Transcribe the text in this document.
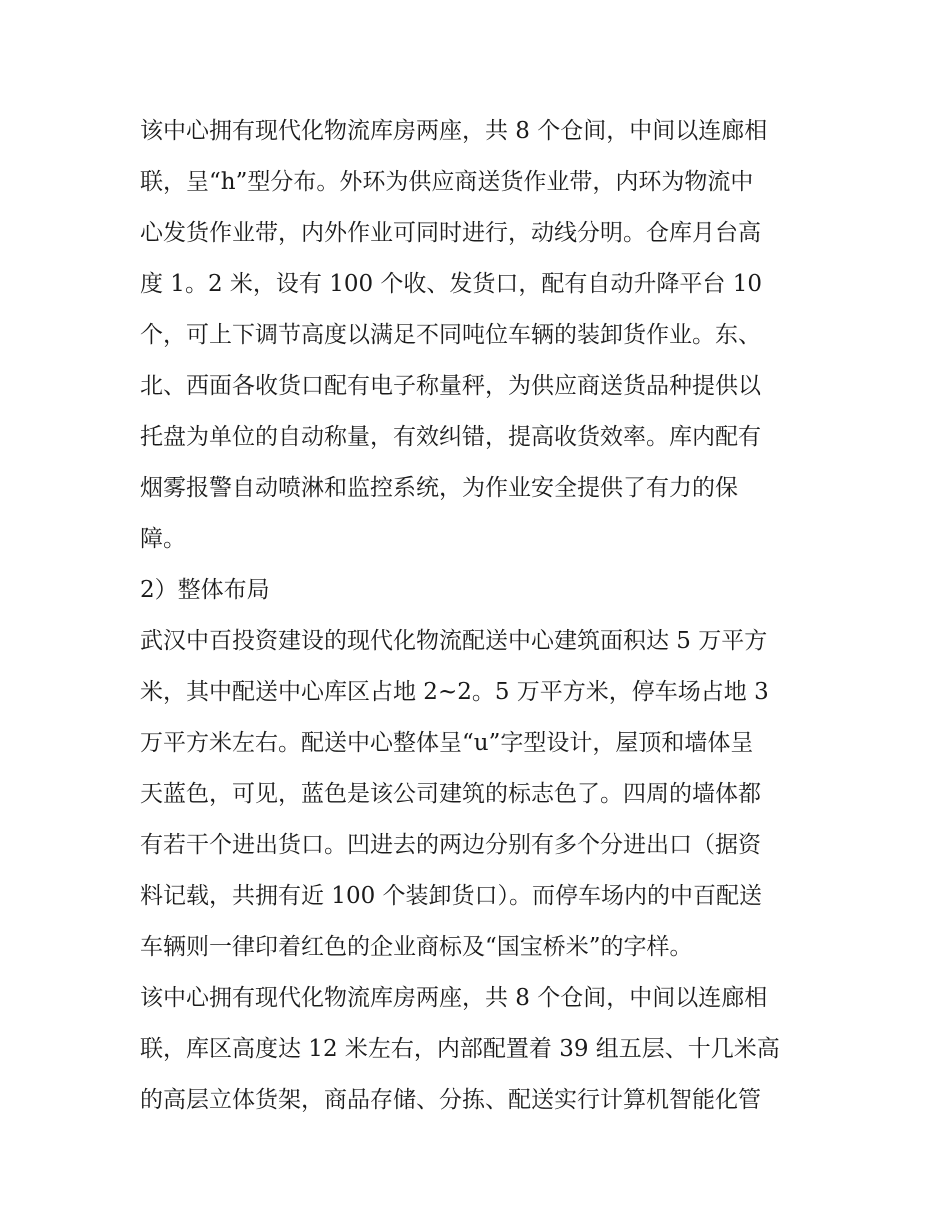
该中心拥有现代化物流库房两座，共 8 个仓间，中间以连廊相
联，呈“h”型分布。外环为供应商送货作业带，内环为物流中
心发货作业带，内外作业可同时进行，动线分明。仓库月台高
度 1。2 米，设有 100 个收、发货口，配有自动升降平台 10
个，可上下调节高度以满足不同吨位车辆的装卸货作业。东、
北、西面各收货口配有电子称量秤，为供应商送货品种提供以
托盘为单位的自动称量，有效纠错，提高收货效率。库内配有
烟雾报警自动喷淋和监控系统，为作业安全提供了有力的保
障。
2）整体布局
武汉中百投资建设的现代化物流配送中心建筑面积达 5 万平方
米，其中配送中心库区占地 2~2。5 万平方米，停车场占地 3
万平方米左右。配送中心整体呈“u”字型设计，屋顶和墙体呈
天蓝色，可见，蓝色是该公司建筑的标志色了。四周的墙体都
有若干个进出货口。凹进去的两边分别有多个分进出口（据资
料记载，共拥有近 100 个装卸货口）。而停车场内的中百配送
车辆则一律印着红色的企业商标及“国宝桥米”的字样。
该中心拥有现代化物流库房两座，共 8 个仓间，中间以连廊相
联，库区高度达 12 米左右，内部配置着 39 组五层、十几米高
的高层立体货架，商品存储、分拣、配送实行计算机智能化管
